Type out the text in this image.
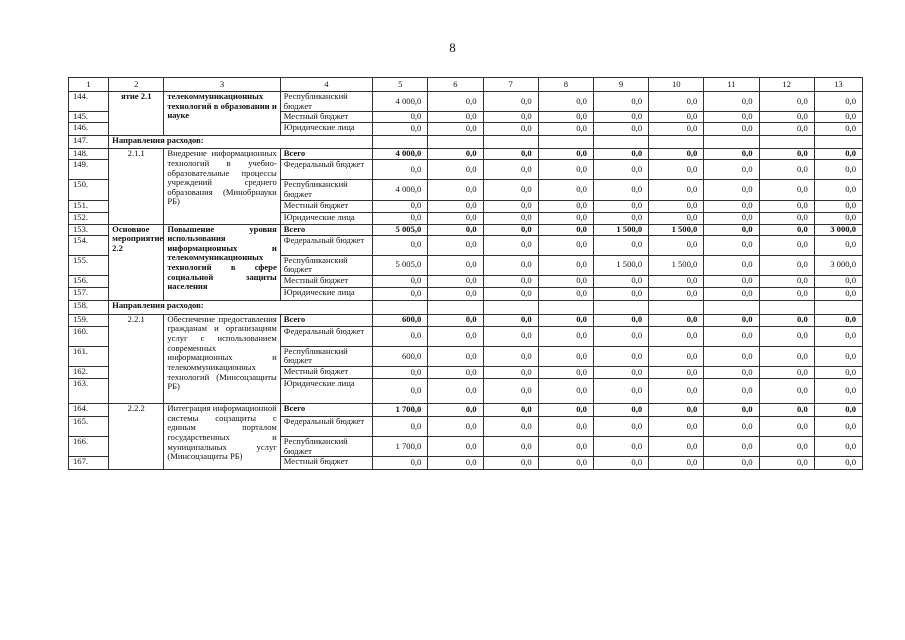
8
1	2	3	4	5	6	7	8	9	10	11	12	13
144.	ятие 2.1	телекоммуникационных технологий в образовании и науке	Республиканский бюджет	4 000,0	0,0	0,0	0,0	0,0	0,0	0,0	0,0	0,0
145.			Местный бюджет	0,0	0,0	0,0	0,0	0,0	0,0	0,0	0,0	0,0
146.			Юридические лица	0,0	0,0	0,0	0,0	0,0	0,0	0,0	0,0	0,0
147.	Направления расходов:											
148.	2.1.1	Внедрение информационных технологий в учебно-образовательные процессы учреждений среднего образования (Минобрнауки РБ)	Всего	4 000,0	0,0	0,0	0,0	0,0	0,0	0,0	0,0	0,0
149.			Федеральный бюджет	0,0	0,0	0,0	0,0	0,0	0,0	0,0	0,0	0,0
150.			Республиканский бюджет	4 000,0	0,0	0,0	0,0	0,0	0,0	0,0	0,0	0,0
151.			Местный бюджет	0,0	0,0	0,0	0,0	0,0	0,0	0,0	0,0	0,0
152.			Юридические лица	0,0	0,0	0,0	0,0	0,0	0,0	0,0	0,0	0,0
153.	Основное мероприятие 2.2	Повышение уровня использования информационных и телекоммуникационных технологий в сфере социальной защиты населения	Всего	5 005,0	0,0	0,0	0,0	1 500,0	1 500,0	0,0	0,0	3 000,0
154.			Федеральный бюджет	0,0	0,0	0,0	0,0	0,0	0,0	0,0	0,0	0,0
155.			Республиканский бюджет	5 005,0	0,0	0,0	0,0	1 500,0	1 500,0	0,0	0,0	3 000,0
156.			Местный бюджет	0,0	0,0	0,0	0,0	0,0	0,0	0,0	0,0	0,0
157.			Юридические лица	0,0	0,0	0,0	0,0	0,0	0,0	0,0	0,0	0,0
158.	Направления расходов:											
159.	2.2.1	Обеспечение предоставления гражданам и организациям услуг с использованием современных информационных и телекоммуникационных технологий (Минсоцзащиты РБ)	Всего	600,0	0,0	0,0	0,0	0,0	0,0	0,0	0,0	0,0
160.			Федеральный бюджет	0,0	0,0	0,0	0,0	0,0	0,0	0,0	0,0	0,0
161.			Республиканский бюджет	600,0	0,0	0,0	0,0	0,0	0,0	0,0	0,0	0,0
162.			Местный бюджет	0,0	0,0	0,0	0,0	0,0	0,0	0,0	0,0	0,0
163.			Юридические лица	0,0	0,0	0,0	0,0	0,0	0,0	0,0	0,0	0,0
164.	2.2.2	Интеграция информационной системы соцзащиты с единым порталом государственных и муниципальных услуг (Минсоцзащиты РБ)	Всего	1 700,0	0,0	0,0	0,0	0,0	0,0	0,0	0,0	0,0
165.			Федеральный бюджет	0,0	0,0	0,0	0,0	0,0	0,0	0,0	0,0	0,0
166.			Республиканский бюджет	1 700,0	0,0	0,0	0,0	0,0	0,0	0,0	0,0	0,0
167.			Местный бюджет	0,0	0,0	0,0	0,0	0,0	0,0	0,0	0,0	0,0
